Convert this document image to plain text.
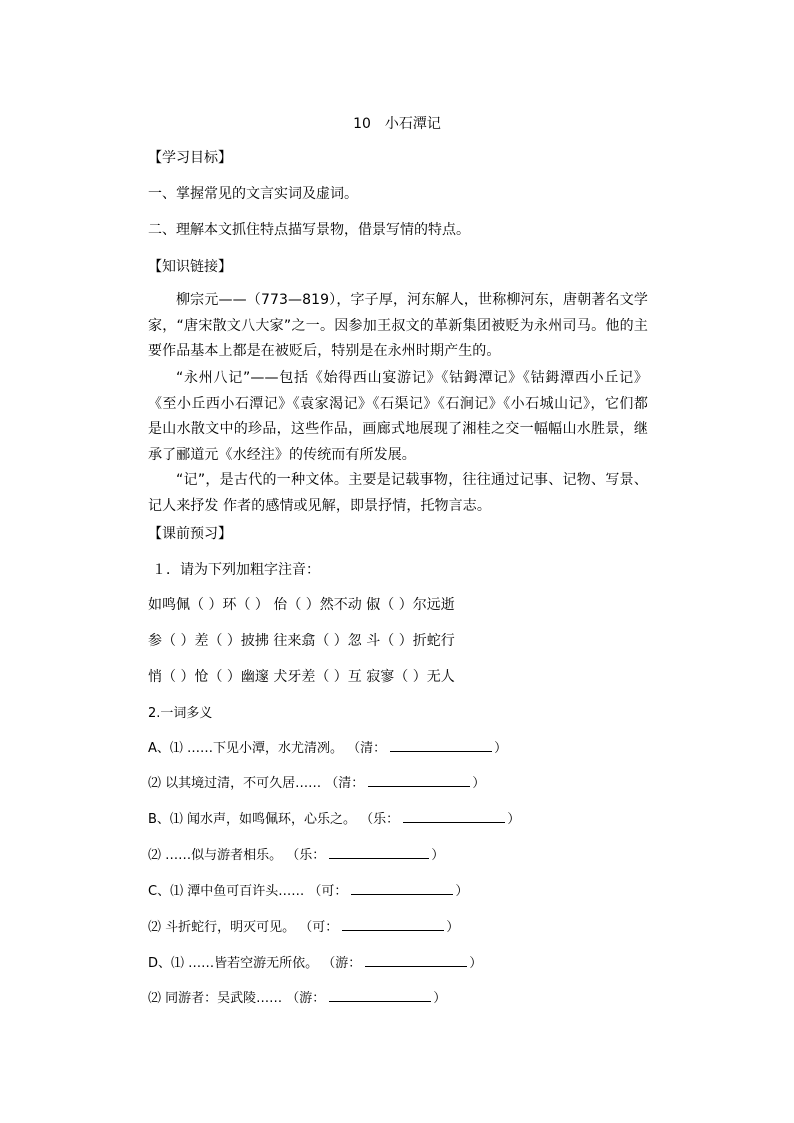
10　小石潭记
【学习目标】
一、掌握常见的文言实词及虚词。
二、理解本文抓住特点描写景物，借景写情的特点。
【知识链接】
柳宗元——（773—819），字子厚，河东解人，世称柳河东，唐朝著名文学家，“唐宋散文八大家”之一。因参加王叔文的革新集团被贬为永州司马。他的主要作品基本上都是在被贬后，特别是在永州时期产生的。
“永州八记”——包括《始得西山宴游记》《钴鉧潭记》《钴鉧潭西小丘记》《至小丘西小石潭记》《袁家渴记》《石渠记》《石涧记》《小石城山记》，它们都是山水散文中的珍品，这些作品，画廊式地展现了湘桂之交一幅幅山水胜景，继承了郦道元《水经注》的传统而有所发展。
“记”，是古代的一种文体。主要是记载事物，往往通过记事、记物、写景、记人来抒发 作者的感情或见解，即景抒情，托物言志。
【课前预习】
１．请为下列加粗字注音：
如鸣佩（ ）环（ ） 佁（ ）然不动 俶（ ）尔远逝
参（ ）差（ ）披拂 往来翕（ ）忽 斗（ ）折蛇行
悄（ ）怆（ ）幽邃 犬牙差（ ）互 寂寥（ ）无人
2.一词多义
A、⑴ ……下见小潭，水尤清冽。 （清：	）
⑵ 以其境过清，不可久居…… （清：	）
B、⑴ 闻水声，如鸣佩环，心乐之。 （乐：	）
⑵ ……似与游者相乐。 （乐：	）
C、⑴ 潭中鱼可百许头…… （可：	）
⑵ 斗折蛇行，明灭可见。 （可：	）
D、⑴ ……皆若空游无所依。 （游：	）
⑵ 同游者：吴武陵…… （游：	）
